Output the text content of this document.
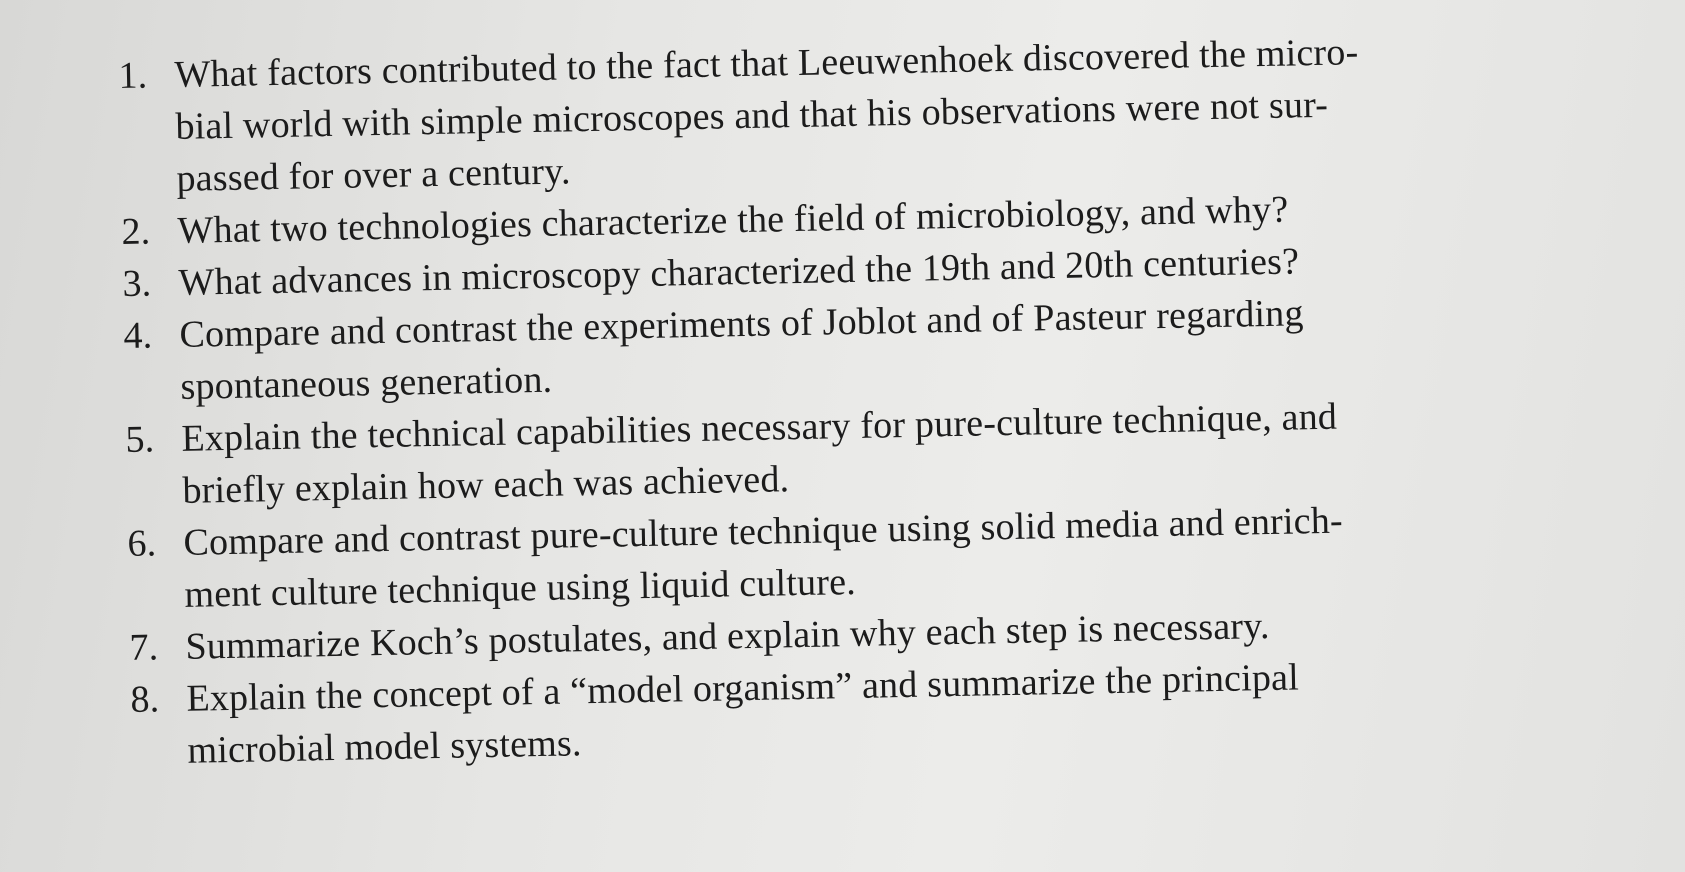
1. What factors contributed to the fact that Leeuwenhoek discovered the micro-
bial world with simple microscopes and that his observations were not sur-
passed for over a century.
2. What two technologies characterize the field of microbiology, and why?
3. What advances in microscopy characterized the 19th and 20th centuries?
4. Compare and contrast the experiments of Joblot and of Pasteur regarding
spontaneous generation.
5. Explain the technical capabilities necessary for pure-culture technique, and
briefly explain how each was achieved.
6. Compare and contrast pure-culture technique using solid media and enrich-
ment culture technique using liquid culture.
7. Summarize Koch’s postulates, and explain why each step is necessary.
8. Explain the concept of a “model organism” and summarize the principal
microbial model systems.
